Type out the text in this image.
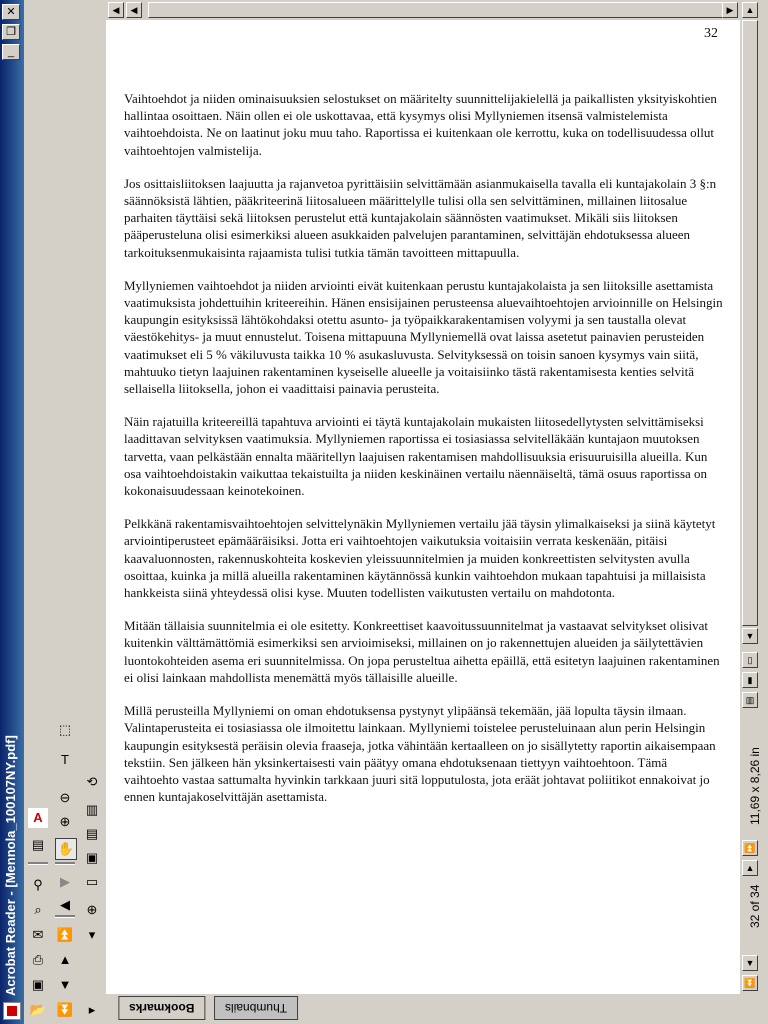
✕
❐
_
Acrobat Reader - [Mennola_100107NY.pdf]
📂
▣
⎙
✉
⌕
⚲
▤
A
⏬
▼
▲
⏫
◀
▶
✋
⊕
⊖
T
⬚
▸
▾
⊕
▭
▣
▤
▥
⟲
◀	◀	▶
32

Vaihtoehdot ja niiden ominaisuuksien selostukset on määritelty suunnittelijakielellä ja paikallisten yksityiskohtien hallintaa osoittaen. Näin ollen ei ole uskottavaa, että kysymys olisi Myllyniemen itsensä valmistelemista vaihtoehdoista. Ne on laatinut joku muu taho. Raportissa ei kuitenkaan ole kerrottu, kuka on todellisuudessa ollut vaihtoehtojen valmistelija.

Jos osittaisliitoksen laajuutta ja rajanvetoa pyrittäisiin selvittämään asianmukaisella tavalla eli kuntajakolain 3 §:n säännöksistä lähtien, pääkriteerinä liitosalueen määrittelylle tulisi olla sen selvittäminen, millainen liitosalue parhaiten täyttäisi sekä liitoksen perustelut että kuntajakolain säännösten vaatimukset. Mikäli siis liitoksen pääperusteluna olisi esimerkiksi alueen asukkaiden palvelujen parantaminen, selvittäjän ehdotuksessa alueen tarkoituksenmukaisinta rajaamista tulisi tutkia tämän tavoitteen mittapuulla.

Myllyniemen vaihtoehdot ja niiden arviointi eivät kuitenkaan perustu kuntajakolaista ja sen liitoksille asettamista vaatimuksista johdettuihin kriteereihin. Hänen ensisijainen perusteensa aluevaihtoehtojen arvioinnille on Helsingin kaupungin esityksissä lähtökohdaksi otettu asunto- ja työpaikkarakentamisen volyymi ja sen taustalla olevat väestökehitys- ja muut ennustelut. Toisena mittapuuna Myllyniemellä ovat laissa asetetut painavien perusteiden vaatimukset eli 5 % väkiluvusta taikka 10 % asukasluvusta. Selvityksessä on toisin sanoen kysymys vain siitä, mahtuuko tietyn laajuinen rakentaminen kyseiselle alueelle ja voitaisiinko tästä rakentamisesta kenties selvitä sellaisella liitoksella, johon ei vaadittaisi painavia perusteita.

Näin rajatuilla kriteereillä tapahtuva arviointi ei täytä kuntajakolain mukaisten liitosedellytysten selvittämiseksi laadittavan selvityksen vaatimuksia. Myllyniemen raportissa ei tosiasiassa selvitelläkään kuntajaon muutoksen tarvetta, vaan pelkästään ennalta määritellyn laajuisen rakentamisen mahdollisuuksia erisuuruisilla alueilla. Kun osa vaihtoehdoistakin vaikuttaa tekaistuilta ja niiden keskinäinen vertailu näennäiseltä, tämä osuus raportissa on kokonaisuudessaan keinotekoinen.

Pelkkänä rakentamisvaihtoehtojen selvittelynäkin Myllyniemen vertailu jää täysin ylimalkaiseksi ja siinä käytetyt arviointiperusteet epämääräisiksi. Jotta eri vaihtoehtojen vaikutuksia voitaisiin verrata keskenään, pitäisi kaavaluonnosten, rakennuskohteita koskevien yleissuunnitelmien ja muiden konkreettisten selvitysten avulla osoittaa, kuinka ja millä alueilla rakentaminen käytännössä kunkin vaihtoehdon mukaan tapahtuisi ja millaisista hankkeista siinä yhteydessä olisi kyse. Muuten todellisten vaikutusten vertailu on mahdotonta.

Mitään tällaisia suunnitelmia ei ole esitetty. Konkreettiset kaavoitussuunnitelmat ja vastaavat selvitykset olisivat kuitenkin välttämättömiä esimerkiksi sen arvioimiseksi, millainen on jo rakennettujen alueiden ja säilytettävien luontokohteiden asema eri suunnitelmissa. On jopa perusteltua aihetta epäillä, että esitetyn laajuinen rakentaminen ei olisi lainkaan mahdollista menemättä myös tällaisille alueille.

Millä perusteilla Myllyniemi on oman ehdotuksensa pystynyt ylipäänsä tekemään, jää lopulta täysin ilmaan. Valintaperusteita ei tosiasiassa ole ilmoitettu lainkaan. Myllyniemi toistelee perusteluinaan alun perin Helsingin kaupungin esityksestä peräisin olevia fraaseja, jotka vähintään kertaalleen on jo sisällytetty raportin aikaisempaan tekstiin. Sen jälkeen hän yksinkertaisesti vain päätyy omana ehdotuksenaan tiettyyn vaihtoehtoon. Tämä vaihtoehto vastaa sattumalta hyvinkin tarkkaan juuri sitä lopputulosta, jota eräät johtavat poliitikot ennakoivat jo ennen kuntajakoselvittäjän asettamista.

▲
▼
▯
▮
▥
⏫
▲
▼
⏬
11,69 x 8,26 in
32 of 34
Bookmarks	Thumbnails
